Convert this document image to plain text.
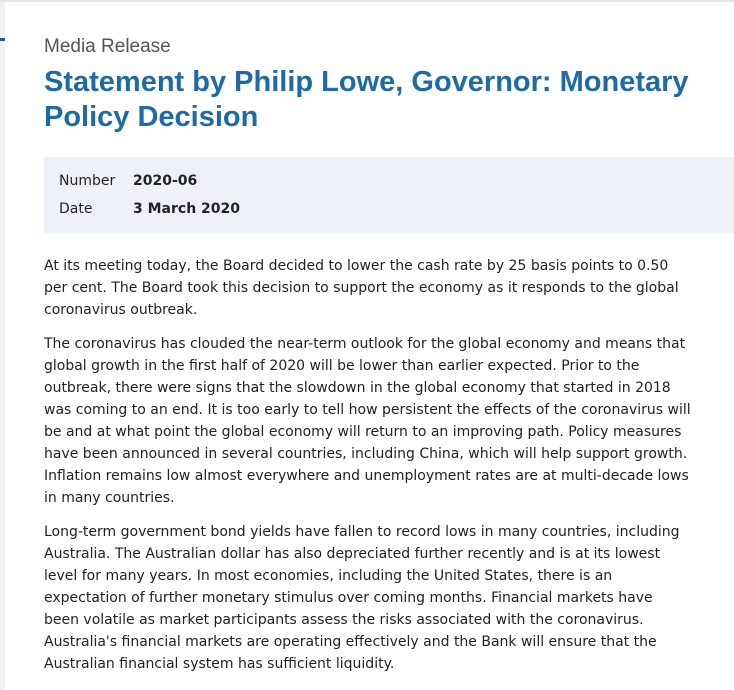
Media Release

Statement by Philip Lowe, Governor: Monetary Policy Decision
Number	2020-06
Date	3 March 2020

At its meeting today, the Board decided to lower the cash rate by 25 basis points to 0.50 per cent. The Board took this decision to support the economy as it responds to the global coronavirus outbreak.

The coronavirus has clouded the near-term outlook for the global economy and means that global growth in the first half of 2020 will be lower than earlier expected. Prior to the outbreak, there were signs that the slowdown in the global economy that started in 2018 was coming to an end. It is too early to tell how persistent the effects of the coronavirus will be and at what point the global economy will return to an improving path. Policy measures have been announced in several countries, including China, which will help support growth. Inflation remains low almost everywhere and unemployment rates are at multi-decade lows in many countries.

Long-term government bond yields have fallen to record lows in many countries, including Australia. The Australian dollar has also depreciated further recently and is at its lowest level for many years. In most economies, including the United States, there is an expectation of further monetary stimulus over coming months. Financial markets have been volatile as market participants assess the risks associated with the coronavirus. Australia's financial markets are operating effectively and the Bank will ensure that the Australian financial system has sufficient liquidity.
